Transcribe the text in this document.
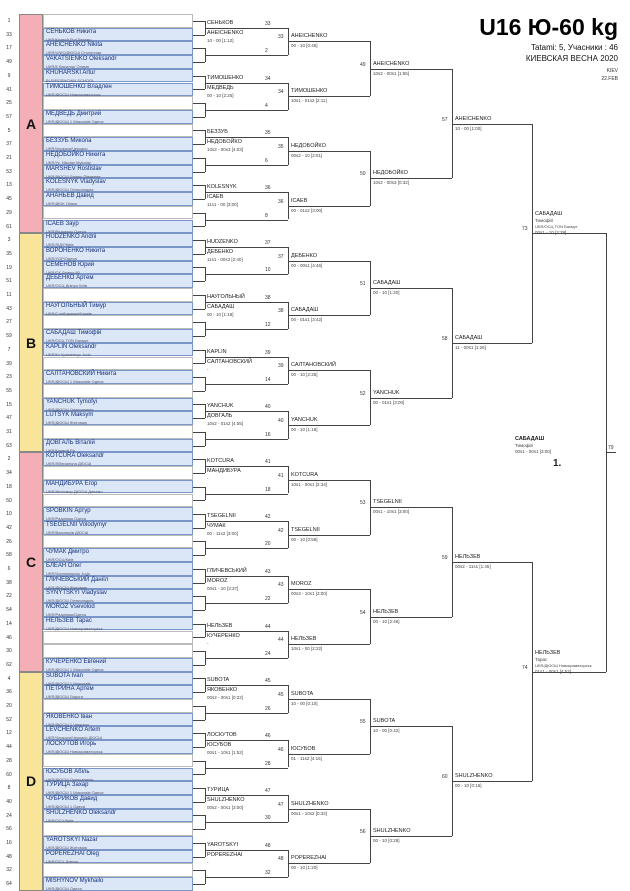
U16 Ю-60 kg
Tatami: 5, Учасники : 46
КИЕВСКАЯ ВЕСНА 2020
KIEV
22.FEB
A
B
C
D
1
33	СЕНЬКОВ Никита
UKR/Кривой Рог/Динамо
17	AHEICHENKO Nikita
UKR/UNIQ/ДЮСШ Столичная
49	VAKATSIENKO Oleksandr
UKR/К Васильк/ Олимп
9	KHUHARSKI Artur
BLR/ROSHCHIN SCHOOL
41	ТИМОШЕНКО Владлен
UKR/ДЮСШ Новокраматорск
25
57	МЕДВЕДЬ Дмитрий
UKR/ДЮСШ 1 Миколаїв Одеса
5
37	БЕЗЗУБ Микола
UKR/Черкаси/Черкаси
21	НЕДОБОЙКО Никита
UKR/Ук. Nikolay Mykolay
53	MARSHEV Rostislav
UKR/ДЮСШ Дніпро Південне
13	KOLESNYK Vladyslav
UKR/ДЮСШ Олександрія
45	АНАНЬЕВ Давид
UKR/ДЮК Олімп
29
61	ІСАЕВ Заур
UKR/Радомиш Одеса
3	HUDZENKO Andrii
UKR/ЛІДУ/Київ
35	ВОРОНЕНКО Никита
UKR/УОР/Одеса
19	СЕМЕНОВ Юрий
UKR/СК Дніпро 80
51	ДЕБЕНКО Артем
UKR/ОСЦ Дніпро Київ
11
43	НАУГОЛЬНЫЙ Тимур
UKR/Слобожанка/Харків
27
59	САБАДАШ Тимофій
UKR/ОСЦ TON Бахмут
7	KAPLIN Oleksandr
UKR/Ко Кременчук Judo
39
23	САЛТАНОВСКИЙ Никита
UKR/ДЮСШ 1 Миколаїв Одеса
55
15	YANCHUK Tymofyi
UKR/ДЮСШ Олександрія
47	LUTSYK Maksym
UKR/ДЮСШ Житомир
31
63	ДОВГАЛЬ Віталій
UKR/Кривий Ріг
2	KOTCURA Oleksandr
UKR/Ліберальна ДЮСШ
34
18	МАНДИБУРА Егор
UKR/Житомир ДЮСШ Динамо
50
10	SPOBKIN Артур
UKR/Радомиш Одеса
42	TSEGELNII Volodymyr
UKR/Васильків ДЮСШ
26
58	ЧУМАК Дмитро
UKR/ОСЦ/Київ
6	БЛЕАН Олег
UKR/Чорноморськ Judo
38	ГЛИЧЕВСЬКИЙ Даніїл
UKR/ДЮСШ Житомир
22	SYNYTSKYI Vladyslav
UKR/ДЮСШ Олександрія
54	MOROZ Vsevolod
UKR/Радомиш/Одеса
14	НЕЛЬЗЕВ Тарас
UKR/ДЮСШ Новокраматорськ
46
30
62	КУЧЕРЕНКО Евгений
UKR/ДЮСШ 1 Миколаїв Одеса
4	SUBOTA Ivan
UKR/ДЮСШ 1 Миколаїв
36	ПЕТРИНА Артем
UKR/ДЮСШ Ладога
20
52	ЯКОВЕНКО Іван
UKR/ДЮСШ 1 Черкаси
12	LEVCHENKO Artem
UKR/Черкаси/Черкаси ДЮСШ
44	ЛОСКУТОВ Игорь
UKR/ДЮСШ Новокраматорськ
28
60	ЮСУБОВ Абіль
UKR/ДЮСШ Олександрія
8	ТУРИЦА Захар
UKR/ДЮСШ 1 Миколаїв Одеса
40	ЧУБРИКОВ Давид
UKR/ДЮСШ 1 Одеса
24	SHULZHENKO Oleksandr
UKR/ОСЦ/Київ
56
16	YAROTSKYI Nazar
UKR/ДЮСШ Житомир
48	POPEREZHAI Oleg
UKR/ОСЦ Дніпро
32
64	MISHYNOV Mykhailo
UKR/ДЮСШ Одеса
33
СЕНЬКОВ
AHEICHENKO
10 - 00 [1:12]
2
34
ТИМОШЕНКО
МЕДВЕДЬ
00 - 10 [2:25]
4
35
БЕЗЗУБ
НЕДОБОЙКО
10s2 - 00s3 [4:03]
6
36
KOLESNYK
ІСАЕВ
11s1 - 00 [3:00]
8
37
HUDZENKO
ДЕБЕНКО
11s1 - 00s3 [2:40]
10
38
НАУГОЛЬНЫЙ
САБАДАШ
00 - 10 [1:18]
12
39
KAPLIN
САЛТАНОВСКИЙ
-
14
40
YANCHUK
ДОВГАЛЬ
10s2 - 01s2 [4:55]
16
41
KOTCURA
МАНДИБУРА
-
18
42
TSEGELNII
ЧУМАК
00 - 11s2 [3:00]
20
43
ГЛИЧЕВСЬКИЙ
MOROZ
00s1 - 10 [3:37]
22
44
НЕЛЬЗЕВ
КУЧЕРЕНКО
-
24
45
SUBOTA
ЯКОВЕНКО
00s2 - 00s1 [0:22]
26
46
ЛОСКУТОВ
ЮСУБОВ
00s1 - 10s1 [1:52]
28
47
ТУРИЦА
SHULZHENKO
00s2 - 00s1 [3:00]
30
48
YAROTSKYI
POPEREZHAI
-
32
33 AHEICHENKO
00 - 10 [0:46]
34 ТИМОШЕНКО
10s1 - 01s2 [2:11]
35 НЕДОБОЙКО
00s2 - 10 [2:51]
36 ІСАЕВ
00 - 01s2 [3:00]
37 ДЕБЕНКО
00 - 00s1 [4:46]
38 САБАДАШ
00 - 01s1 [3:42]
39 САЛТАНОВСКИЙ
00 - 10 [2:25]
40 YANCHUK
00 - 10 [1:18]
41 KOTCURA
10s1 - 00s1 [2:34]
42 TSEGELNII
00 - 10 [0:58]
43 MOROZ
00s3 - 10s1 [3:00]
44 НЕЛЬЗЕВ
10s1 - 00 [2:22]
45 SUBOTA
10 - 00 [0:10]
46 ЮСУБОВ
01 - 11s2 [4:15]
47 SHULZHENKO
00s1 - 10s2 [0:32]
48 POPEREZHAI
00 - 10 [1:20]
49 AHEICHENKO
10s2 - 00s1 [1:55]
50 НЕДОБОЙКО
10s2 - 00s3 [0:32]
51 САБАДАШ
00 - 10 [1:20]
52 YANCHUK
00 - 01s1 [3:00]
53 TSEGELNII
00s1 - 10s1 [3:00]
54 НЕЛЬЗЕВ
00 - 10 [2:46]
55 SUBOTA
10 - 00 [0:42]
56 SHULZHENKO
00 - 10 [0:28]
57 AHEICHENKO
10 - 00 [1:00]
58 САБАДАШ
11 - 00s1 [1:26]
59 НЕЛЬЗЕВ
00s2 - 11s1 [1:45]
60 SHULZHENKO
00 - 10 [0:16]
73
САБАДАШ
Тимофій
UKR/ОСЦ TON Бахмут
00s1 - 10 [2:28]
74
НЕЛЬЗЕВ
Тарас
UKR/ДЮСШ Новокраматорськ
01s1 - 00s1 [4:52]
79
САБАДАШ
Тимофій
00s1 - 00s1 [3:00]
1.
